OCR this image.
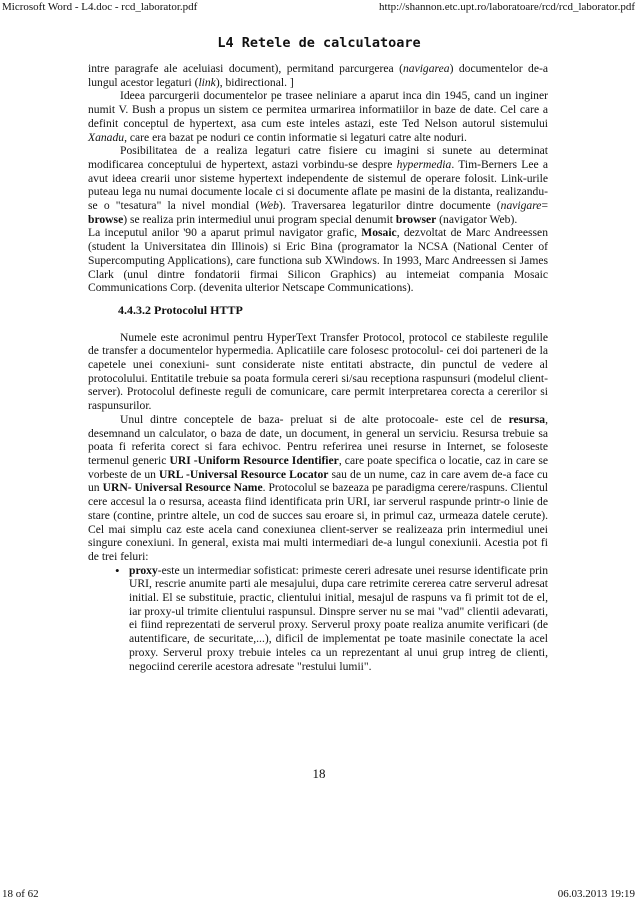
Microsoft Word - L4.doc - rcd_laborator.pdf	http://shannon.etc.upt.ro/laboratoare/rcd/rcd_laborator.pdf
L4 Retele de calculatoare

intre paragrafe ale aceluiasi document), permitand parcurgerea (navigarea) documentelor de-a lungul acestor legaturi (link), bidirectional. ]

Ideea parcurgerii documentelor pe trasee neliniare a aparut inca din 1945, cand un inginer numit V. Bush a propus un sistem ce permitea urmarirea informatiilor in baze de date. Cel care a definit conceptul de hypertext, asa cum este inteles astazi, este Ted Nelson autorul sistemului Xanadu, care era bazat pe noduri ce contin informatie si legaturi catre alte noduri.

Posibilitatea de a realiza legaturi catre fisiere cu imagini si sunete au determinat modificarea conceptului de hypertext, astazi vorbindu-se despre hypermedia. Tim-Berners Lee a avut ideea crearii unor sisteme hypertext independente de sistemul de operare folosit. Link-urile puteau lega nu numai documente locale ci si documente aflate pe masini de la distanta, realizandu-se o "tesatura" la nivel mondial (Web). Traversarea legaturilor dintre documente (navigare= browse) se realiza prin intermediul unui program special denumit browser (navigator Web).

La inceputul anilor '90 a aparut primul navigator grafic, Mosaic, dezvoltat de Marc Andreessen (student la Universitatea din Illinois) si Eric Bina (programator la NCSA (National Center of Supercomputing Applications), care functiona sub XWindows. In 1993, Marc Andreessen si James Clark (unul dintre fondatorii firmai Silicon Graphics) au intemeiat compania Mosaic Communications Corp. (devenita ulterior Netscape Communications).

4.4.3.2 Protocolul HTTP

Numele este acronimul pentru HyperText Transfer Protocol, protocol ce stabileste regulile de transfer a documentelor hypermedia. Aplicatiile care folosesc protocolul- cei doi parteneri de la capetele unei conexiuni- sunt considerate niste entitati abstracte, din punctul de vedere al protocolului. Entitatile trebuie sa poata formula cereri si/sau receptiona raspunsuri (modelul client-server). Protocolul defineste reguli de comunicare, care permit interpretarea corecta a cererilor si raspunsurilor.

Unul dintre conceptele de baza- preluat si de alte protocoale- este cel de resursa, desemnand un calculator, o baza de date, un document, in general un serviciu. Resursa trebuie sa poata fi referita corect si fara echivoc. Pentru referirea unei resurse in Internet, se foloseste termenul generic URI -Uniform Resource Identifier, care poate specifica o locatie, caz in care se vorbeste de un URL -Universal Resource Locator sau de un nume, caz in care avem de-a face cu un URN- Universal Resource Name. Protocolul se bazeaza pe paradigma cerere/raspuns. Clientul cere accesul la o resursa, aceasta fiind identificata prin URI, iar serverul raspunde printr-o linie de stare (contine, printre altele, un cod de succes sau eroare si, in primul caz, urmeaza datele cerute). Cel mai simplu caz este acela cand conexiunea client-server se realizeaza prin intermediul unei singure conexiuni. In general, exista mai multi intermediari de-a lungul conexiunii. Acestia pot fi de trei feluri:

• proxy-este un intermediar sofisticat: primeste cereri adresate unei resurse identificate prin URI, rescrie anumite parti ale mesajului, dupa care retrimite cererea catre serverul adresat initial. El se substituie, practic, clientului initial, mesajul de raspuns va fi primit tot de el, iar proxy-ul trimite clientului raspunsul. Dinspre server nu se mai "vad" clientii adevarati, ei fiind reprezentati de serverul proxy. Serverul proxy poate realiza anumite verificari (de autentificare, de securitate,...), dificil de implementat pe toate masinile conectate la acel proxy. Serverul proxy trebuie inteles ca un reprezentant al unui grup intreg de clienti, negociind cererile acestora adresate "restului lumii".
18
18 of 62	06.03.2013 19:19
